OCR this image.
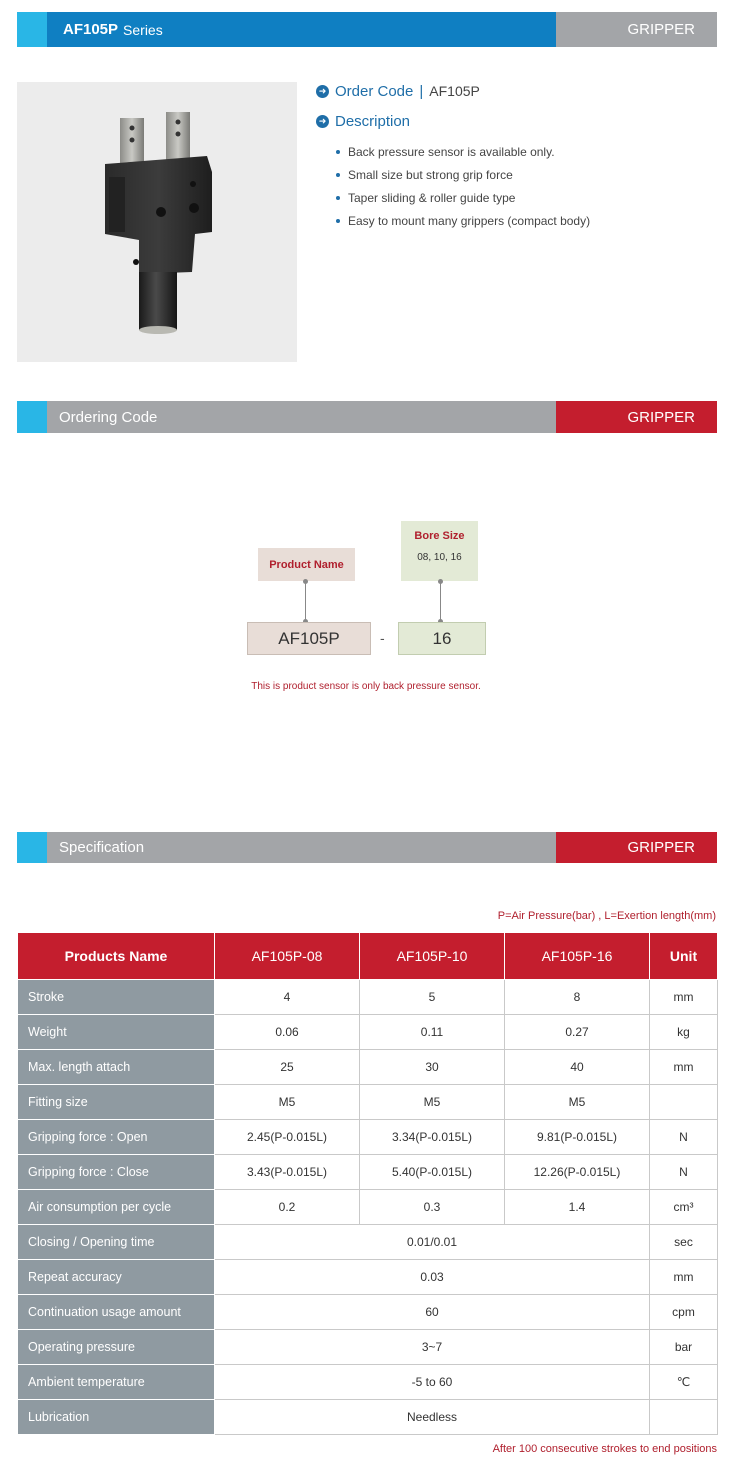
AF105P Series	GRIPPER
➜ Order Code | AF105P
➜ Description
Back pressure sensor is available only.
Small size but strong grip force
Taper sliding & roller guide type
Easy to mount many grippers (compact body)
Ordering Code	GRIPPER
Product Name
Bore Size
08, 10, 16
AF105P	-	16
This is product sensor is only back pressure sensor.
Specification	GRIPPER
P=Air Pressure(bar) , L=Exertion length(mm)
Products Name	AF105P-08	AF105P-10	AF105P-16	Unit
Stroke	4	5	8	mm
Weight	0.06	0.11	0.27	kg
Max. length attach	25	30	40	mm
Fitting size	M5	M5	M5	
Gripping force : Open	2.45(P-0.015L)	3.34(P-0.015L)	9.81(P-0.015L)	N
Gripping force : Close	3.43(P-0.015L)	5.40(P-0.015L)	12.26(P-0.015L)	N
Air consumption per cycle	0.2	0.3	1.4	cm³
Closing / Opening time	0.01/0.01			sec
Repeat accuracy	0.03			mm
Continuation usage amount	60			cpm
Operating pressure	3~7			bar
Ambient temperature	-5 to 60			℃
Lubrication	Needless			
After 100 consecutive strokes to end positions
